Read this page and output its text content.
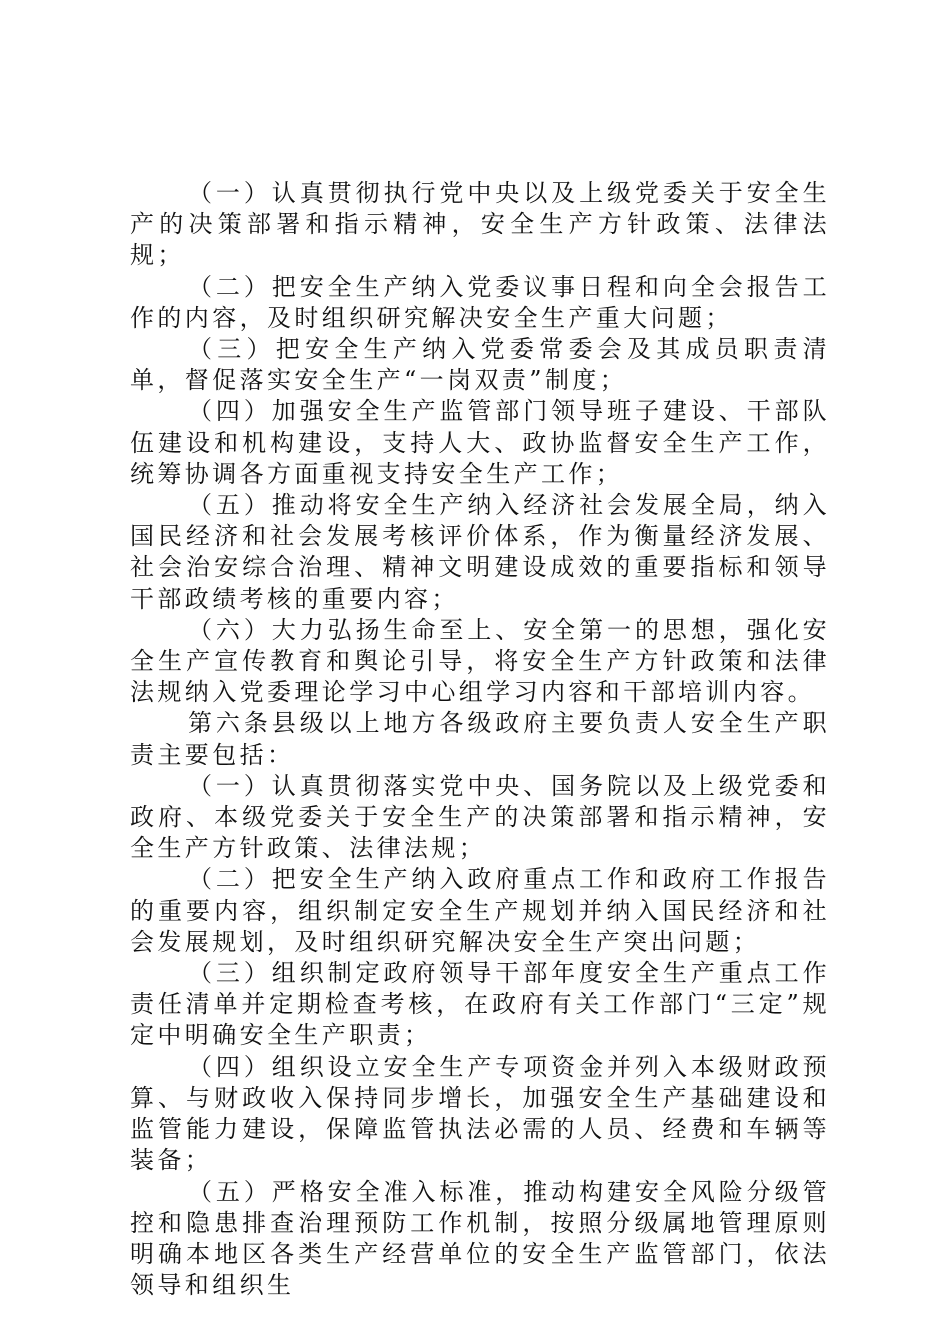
（一）认真贯彻执行党中央以及上级党委关于安全生产的决策部署和指示精神，安全生产方针政策、法律法规；

（二）把安全生产纳入党委议事日程和向全会报告工作的内容，及时组织研究解决安全生产重大问题；

（三）把安全生产纳入党委常委会及其成员职责清单，督促落实安全生产“一岗双责”制度；

（四）加强安全生产监管部门领导班子建设、干部队伍建设和机构建设，支持人大、政协监督安全生产工作，统筹协调各方面重视支持安全生产工作；

（五）推动将安全生产纳入经济社会发展全局，纳入国民经济和社会发展考核评价体系，作为衡量经济发展、社会治安综合治理、精神文明建设成效的重要指标和领导干部政绩考核的重要内容；

（六）大力弘扬生命至上、安全第一的思想，强化安全生产宣传教育和舆论引导，将安全生产方针政策和法律法规纳入党委理论学习中心组学习内容和干部培训内容。

第六条县级以上地方各级政府主要负责人安全生产职责主要包括：

（一）认真贯彻落实党中央、国务院以及上级党委和政府、本级党委关于安全生产的决策部署和指示精神，安全生产方针政策、法律法规；

（二）把安全生产纳入政府重点工作和政府工作报告的重要内容，组织制定安全生产规划并纳入国民经济和社会发展规划，及时组织研究解决安全生产突出问题；

（三）组织制定政府领导干部年度安全生产重点工作责任清单并定期检查考核，在政府有关工作部门“三定”规定中明确安全生产职责；

（四）组织设立安全生产专项资金并列入本级财政预算、与财政收入保持同步增长，加强安全生产基础建设和监管能力建设，保障监管执法必需的人员、经费和车辆等装备；

（五）严格安全准入标准，推动构建安全风险分级管控和隐患排查治理预防工作机制，按照分级属地管理原则明确本地区各类生产经营单位的安全生产监管部门，依法领导和组织生
